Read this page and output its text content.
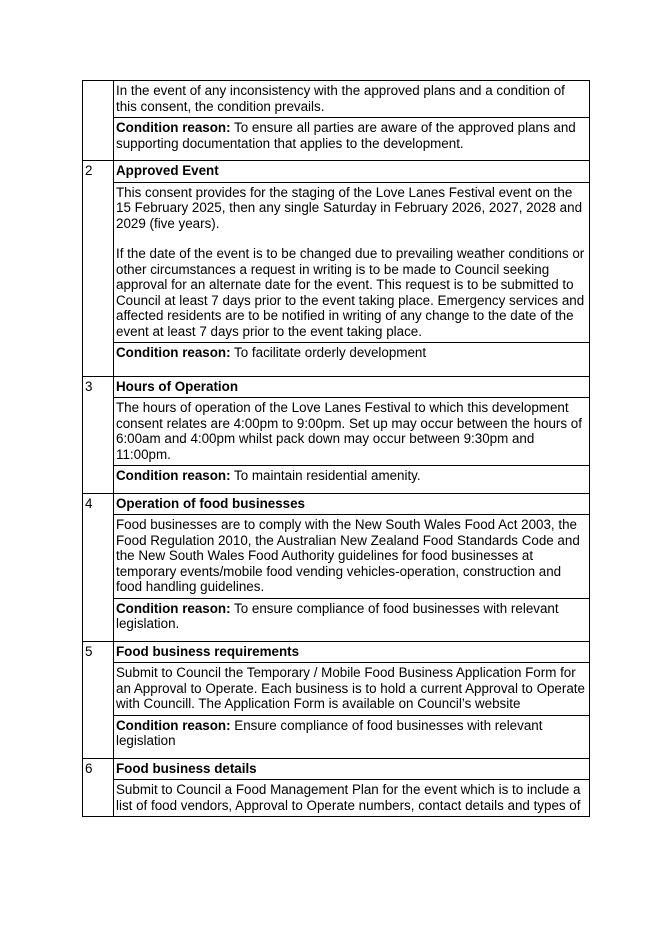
	In the event of any inconsistency with the approved plans and a condition of this consent, the condition prevails.

	Condition reason: To ensure all parties are aware of the approved plans and supporting documentation that applies to the development.

2	Approved Event

	This consent provides for the staging of the Love Lanes Festival event on the 15 February 2025, then any single Saturday in February 2026, 2027, 2028 and 2029 (five years).

If the date of the event is to be changed due to prevailing weather conditions or other circumstances a request in writing is to be made to Council seeking approval for an alternate date for the event. This request is to be submitted to Council at least 7 days prior to the event taking place. Emergency services and affected residents are to be notified in writing of any change to the date of the event at least 7 days prior to the event taking place.

	Condition reason: To facilitate orderly development

3	Hours of Operation

	The hours of operation of the Love Lanes Festival to which this development consent relates are 4:00pm to 9:00pm. Set up may occur between the hours of 6:00am and 4:00pm whilst pack down may occur between 9:30pm and 11:00pm.

	Condition reason: To maintain residential amenity.

4	Operation of food businesses

	Food businesses are to comply with the New South Wales Food Act 2003, the Food Regulation 2010, the Australian New Zealand Food Standards Code and the New South Wales Food Authority guidelines for food businesses at temporary events/mobile food vending vehicles-operation, construction and food handling guidelines.

	Condition reason: To ensure compliance of food businesses with relevant legislation.

5	Food business requirements

	Submit to Council the Temporary / Mobile Food Business Application Form for an Approval to Operate. Each business is to hold a current Approval to Operate with Councill. The Application Form is available on Council’s website

	Condition reason: Ensure compliance of food businesses with relevant legislation

6	Food business details

	Submit to Council a Food Management Plan for the event which is to include a list of food vendors, Approval to Operate numbers, contact details and types of
